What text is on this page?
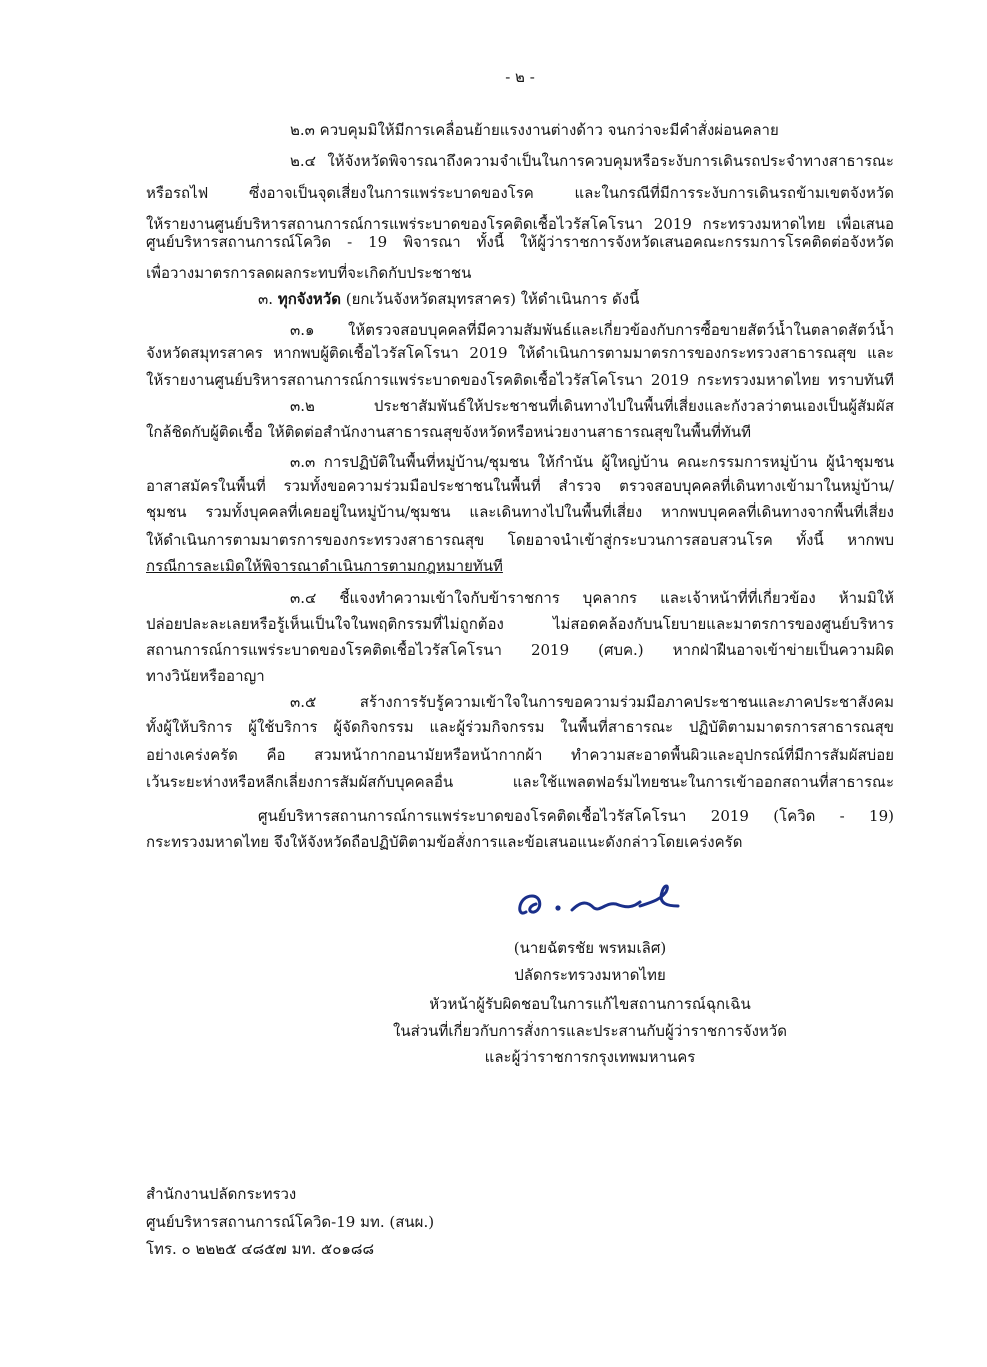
- ๒ -
๒.๓ ควบคุมมิให้มีการเคลื่อนย้ายแรงงานต่างด้าว จนกว่าจะมีคำสั่งผ่อนคลาย
๒.๔ ให้จังหวัดพิจารณาถึงความจำเป็นในการควบคุมหรือระงับการเดินรถประจำทางสาธารณะ
หรือรถไฟ ซึ่งอาจเป็นจุดเสี่ยงในการแพร่ระบาดของโรค และในกรณีที่มีการระงับการเดินรถข้ามเขตจังหวัด
ให้รายงานศูนย์บริหารสถานการณ์การแพร่ระบาดของโรคติดเชื้อไวรัสโคโรนา 2019 กระทรวงมหาดไทย เพื่อเสนอ
ศูนย์บริหารสถานการณ์โควิด - 19 พิจารณา ทั้งนี้ ให้ผู้ว่าราชการจังหวัดเสนอคณะกรรมการโรคติดต่อจังหวัด
เพื่อวางมาตรการลดผลกระทบที่จะเกิดกับประชาชน
๓. ทุกจังหวัด (ยกเว้นจังหวัดสมุทรสาคร) ให้ดำเนินการ ดังนี้
๓.๑ ให้ตรวจสอบบุคคลที่มีความสัมพันธ์และเกี่ยวข้องกับการซื้อขายสัตว์น้ำในตลาดสัตว์น้ำ
จังหวัดสมุทรสาคร หากพบผู้ติดเชื้อไวรัสโคโรนา 2019 ให้ดำเนินการตามมาตรการของกระทรวงสาธารณสุข และ
ให้รายงานศูนย์บริหารสถานการณ์การแพร่ระบาดของโรคติดเชื้อไวรัสโคโรนา 2019 กระทรวงมหาดไทย ทราบทันที
๓.๒ ประชาสัมพันธ์ให้ประชาชนที่เดินทางไปในพื้นที่เสี่ยงและกังวลว่าตนเองเป็นผู้สัมผัส
ใกล้ชิดกับผู้ติดเชื้อ ให้ติดต่อสำนักงานสาธารณสุขจังหวัดหรือหน่วยงานสาธารณสุขในพื้นที่ทันที
๓.๓ การปฏิบัติในพื้นที่หมู่บ้าน/ชุมชน ให้กำนัน ผู้ใหญ่บ้าน คณะกรรมการหมู่บ้าน ผู้นำชุมชน
อาสาสมัครในพื้นที่ รวมทั้งขอความร่วมมือประชาชนในพื้นที่ สำรวจ ตรวจสอบบุคคลที่เดินทางเข้ามาในหมู่บ้าน/
ชุมชน รวมทั้งบุคคลที่เคยอยู่ในหมู่บ้าน/ชุมชน และเดินทางไปในพื้นที่เสี่ยง หากพบบุคคลที่เดินทางจากพื้นที่เสี่ยง
ให้ดำเนินการตามมาตรการของกระทรวงสาธารณสุข โดยอาจนำเข้าสู่กระบวนการสอบสวนโรค ทั้งนี้ หากพบ
กรณีการละเมิดให้พิจารณาดำเนินการตามกฎหมายทันที
๓.๔ ชี้แจงทำความเข้าใจกับข้าราชการ บุคลากร และเจ้าหน้าที่ที่เกี่ยวข้อง ห้ามมิให้
ปล่อยปละละเลยหรือรู้เห็นเป็นใจในพฤติกรรมที่ไม่ถูกต้อง ไม่สอดคล้องกับนโยบายและมาตรการของศูนย์บริหาร
สถานการณ์การแพร่ระบาดของโรคติดเชื้อไวรัสโคโรนา 2019 (ศบค.) หากฝ่าฝืนอาจเข้าข่ายเป็นความผิด
ทางวินัยหรืออาญา
๓.๕ สร้างการรับรู้ความเข้าใจในการขอความร่วมมือภาคประชาชนและภาคประชาสังคม
ทั้งผู้ให้บริการ ผู้ใช้บริการ ผู้จัดกิจกรรม และผู้ร่วมกิจกรรม ในพื้นที่สาธารณะ ปฏิบัติตามมาตรการสาธารณสุข
อย่างเคร่งครัด คือ สวมหน้ากากอนามัยหรือหน้ากากผ้า ทำความสะอาดพื้นผิวและอุปกรณ์ที่มีการสัมผัสบ่อย
เว้นระยะห่างหรือหลีกเลี่ยงการสัมผัสกับบุคคลอื่น และใช้แพลตฟอร์มไทยชนะในการเข้าออกสถานที่สาธารณะ
ศูนย์บริหารสถานการณ์การแพร่ระบาดของโรคติดเชื้อไวรัสโคโรนา 2019 (โควิด - 19)
กระทรวงมหาดไทย จึงให้จังหวัดถือปฏิบัติตามข้อสั่งการและข้อเสนอแนะดังกล่าวโดยเคร่งครัด
(นายฉัตรชัย พรหมเลิศ)
ปลัดกระทรวงมหาดไทย
หัวหน้าผู้รับผิดชอบในการแก้ไขสถานการณ์ฉุกเฉิน
ในส่วนที่เกี่ยวกับการสั่งการและประสานกับผู้ว่าราชการจังหวัด
และผู้ว่าราชการกรุงเทพมหานคร
สำนักงานปลัดกระทรวง
ศูนย์บริหารสถานการณ์โควิด-19 มท. (สนผ.)
โทร. ๐ ๒๒๒๕ ๔๘๕๗ มท. ๕๐๑๘๘
